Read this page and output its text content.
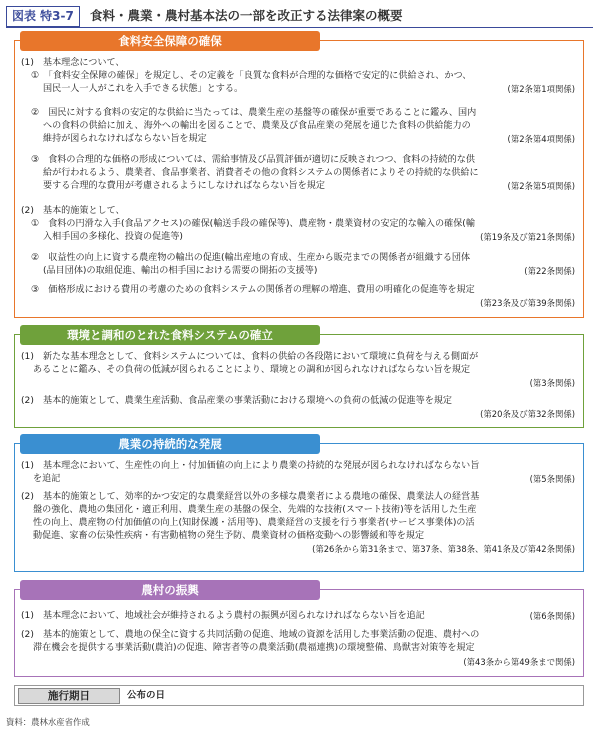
図表 特3-7	食料・農業・農村基本法の一部を改正する法律案の概要
食料安全保障の確保
(1)　基本理念について、
①　「食料安全保障の確保」を規定し、その定義を「良質な食料が合理的な価格で安定的に供給され、かつ、
国民一人一人がこれを入手できる状態」とする。	(第2条第1項関係)
②　国民に対する食料の安定的な供給に当たっては、農業生産の基盤等の確保が重要であることに鑑み、国内
への食料の供給に加え、海外への輸出を図ることで、農業及び食品産業の発展を通じた食料の供給能力の
維持が図られなければならない旨を規定	(第2条第4項関係)
③　食料の合理的な価格の形成については、需給事情及び品質評価が適切に反映されつつ、食料の持続的な供
給が行われるよう、農業者、食品事業者、消費者その他の食料システムの関係者によりその持続的な供給に
要する合理的な費用が考慮されるようにしなければならない旨を規定	(第2条第5項関係)
(2)　基本的施策として、
①　食料の円滑な入手(食品アクセス)の確保(輸送手段の確保等)、農産物・農業資材の安定的な輸入の確保(輸
入相手国の多様化、投資の促進等)	(第19条及び第21条関係)
②　収益性の向上に資する農産物の輸出の促進(輸出産地の育成、生産から販売までの関係者が組織する団体
(品目団体)の取組促進、輸出の相手国における需要の開拓の支援等)	(第22条関係)
③　価格形成における費用の考慮のための食料システムの関係者の理解の増進、費用の明確化の促進等を規定
(第23条及び第39条関係)
環境と調和のとれた食料システムの確立
(1)　新たな基本理念として、食料システムについては、食料の供給の各段階において環境に負荷を与える側面が
あることに鑑み、その負荷の低減が図られることにより、環境との調和が図られなければならない旨を規定
(第3条関係)
(2)　基本的施策として、農業生産活動、食品産業の事業活動における環境への負荷の低減の促進等を規定
(第20条及び第32条関係)
農業の持続的な発展
(1)　基本理念において、生産性の向上・付加価値の向上により農業の持続的な発展が図られなければならない旨
を追記	(第5条関係)
(2)　基本的施策として、効率的かつ安定的な農業経営以外の多様な農業者による農地の確保、農業法人の経営基
盤の強化、農地の集団化・適正利用、農業生産の基盤の保全、先端的な技術(スマート技術)等を活用した生産
性の向上、農産物の付加価値の向上(知財保護・活用等)、農業経営の支援を行う事業者(サービス事業体)の活
動促進、家畜の伝染性疾病・有害動植物の発生予防、農業資材の価格変動への影響緩和等を規定
(第26条から第31条まで、第37条、第38条、第41条及び第42条関係)
農村の振興
(1)　基本理念において、地域社会が維持されるよう農村の振興が図られなければならない旨を追記	(第6条関係)
(2)　基本的施策として、農地の保全に資する共同活動の促進、地域の資源を活用した事業活動の促進、農村への
滞在機会を提供する事業活動(農泊)の促進、障害者等の農業活動(農福連携)の環境整備、鳥獣害対策等を規定
(第43条から第49条まで関係)
施行期日	公布の日
資料：農林水産省作成
